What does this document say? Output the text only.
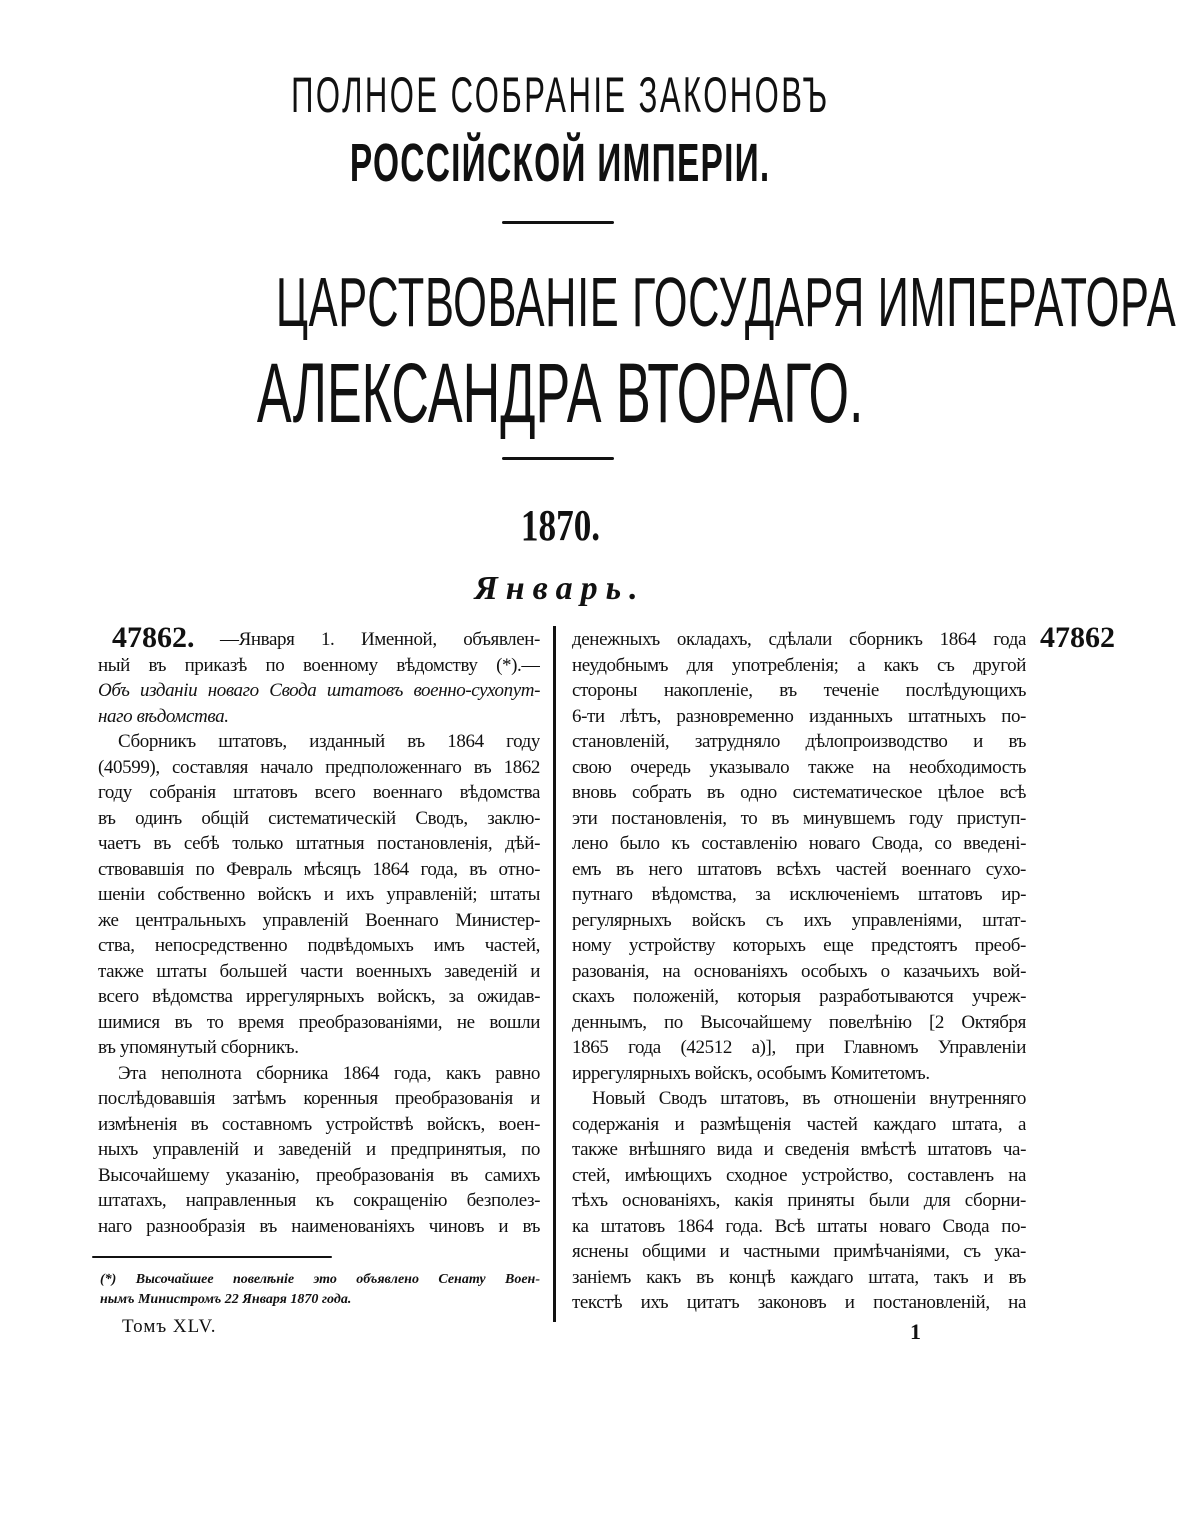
ПОЛНОЕ СОБРАНІЕ ЗАКОНОВЪ
РОССІЙСКОЙ ИМПЕРІИ.
ЦАРСТВОВАНІЕ ГОСУДАРЯ ИМПЕРАТОРА
АЛЕКСАНДРА ВТОРАГО.
1870.
Январь.
47862.	47862
—Января 1. Именной, объявлен-
ный въ приказѣ по военному вѣдомству (*).—
Объ изданіи новаго Свода штатовъ военно-сухопут-
наго вѣдомства.
Сборникъ штатовъ, изданный въ 1864 году
(40599), составляя начало предположеннаго въ 1862
году собранія штатовъ всего военнаго вѣдомства
въ одинъ общій систематическій Сводъ, заклю-
чаетъ въ себѣ только штатныя постановленія, дѣй-
ствовавшія по Февраль мѣсяцъ 1864 года, въ отно-
шеніи собственно войскъ и ихъ управленій; штаты
же центральныхъ управленій Военнаго Министер-
ства, непосредственно подвѣдомыхъ имъ частей,
также штаты большей части военныхъ заведеній и
всего вѣдомства иррегулярныхъ войскъ, за ожидав-
шимися въ то время преобразованіями, не вошли
въ упомянутый сборникъ.
Эта неполнота сборника 1864 года, какъ равно
послѣдовавшія затѣмъ коренныя преобразованія и
измѣненія въ составномъ устройствѣ войскъ, воен-
ныхъ управленій и заведеній и предпринятыя, по
Высочайшему указанію, преобразованія въ самихъ
штатахъ, направленныя къ сокращенію безполез-
наго разнообразія въ наименованіяхъ чиновъ и въ
денежныхъ окладахъ, сдѣлали сборникъ 1864 года
неудобнымъ для употребленія; а какъ съ другой
стороны накопленіе, въ теченіе послѣдующихъ
6-ти лѣтъ, разновременно изданныхъ штатныхъ по-
становленій, затрудняло дѣлопроизводство и въ
свою очередь указывало также на необходимость
вновь собрать въ одно систематическое цѣлое всѣ
эти постановленія, то въ минувшемъ году приступ-
лено было къ составленію новаго Свода, со введені-
емъ въ него штатовъ всѣхъ частей военнаго сухо-
путнаго вѣдомства, за исключеніемъ штатовъ ир-
регулярныхъ войскъ съ ихъ управленіями, штат-
ному устройству которыхъ еще предстоятъ преоб-
разованія, на основаніяхъ особыхъ о казачьихъ вой-
скахъ положеній, которыя разработываются учреж-
деннымъ, по Высочайшему повелѣнію [2 Октября
1865 года (42512 а)], при Главномъ Управленіи
иррегулярныхъ войскъ, особымъ Комитетомъ.
Новый Сводъ штатовъ, въ отношеніи внутренняго
содержанія и размѣщенія частей каждаго штата, а
также внѣшняго вида и сведенія вмѣстѣ штатовъ ча-
стей, имѣющихъ сходное устройство, составленъ на
тѣхъ основаніяхъ, какія приняты были для сборни-
ка штатовъ 1864 года. Всѣ штаты новаго Свода по-
яснены общими и частными примѣчаніями, съ ука-
заніемъ какъ въ концѣ каждаго штата, такъ и въ
текстѣ ихъ цитатъ законовъ и постановленій, на
(*) Высочайшее повелѣніе это объявлено Сенату Воен-
нымъ Министромъ 22 Января 1870 года.
Томъ XLV.	1
